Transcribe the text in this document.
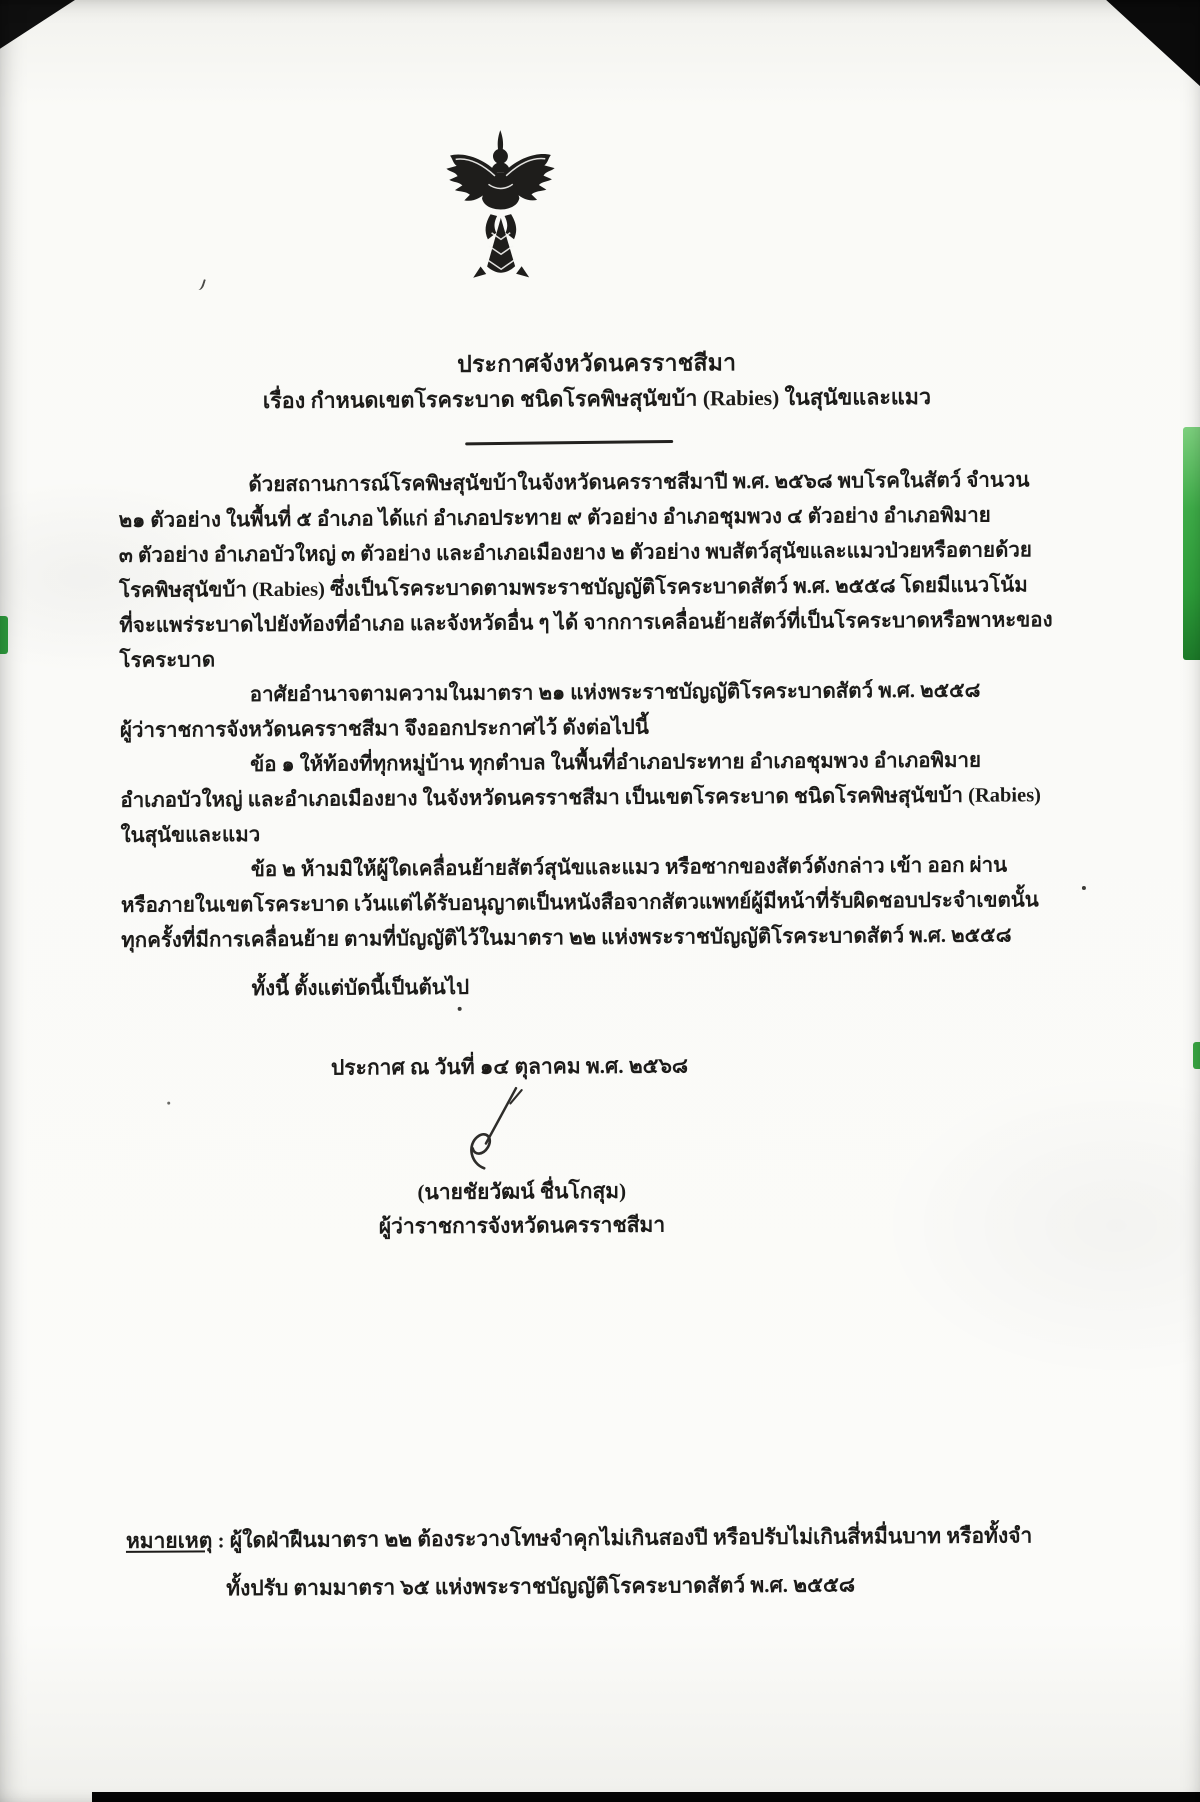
ประกาศจังหวัดนครราชสีมา
เรื่อง กำหนดเขตโรคระบาด ชนิดโรคพิษสุนัขบ้า (Rabies) ในสุนัขและแมว
ด้วยสถานการณ์โรคพิษสุนัขบ้าในจังหวัดนครราชสีมาปี พ.ศ. ๒๕๖๘ พบโรคในสัตว์ จำนวน
๒๑ ตัวอย่าง ในพื้นที่ ๕ อำเภอ ได้แก่ อำเภอประทาย ๙ ตัวอย่าง อำเภอชุมพวง ๔ ตัวอย่าง อำเภอพิมาย
๓ ตัวอย่าง อำเภอบัวใหญ่ ๓ ตัวอย่าง และอำเภอเมืองยาง ๒ ตัวอย่าง พบสัตว์สุนัขและแมวป่วยหรือตายด้วย
โรคพิษสุนัขบ้า (Rabies) ซึ่งเป็นโรคระบาดตามพระราชบัญญัติโรคระบาดสัตว์ พ.ศ. ๒๕๕๘ โดยมีแนวโน้ม
ที่จะแพร่ระบาดไปยังท้องที่อำเภอ และจังหวัดอื่น ๆ ได้ จากการเคลื่อนย้ายสัตว์ที่เป็นโรคระบาดหรือพาหะของ
โรคระบาด
อาศัยอำนาจตามความในมาตรา ๒๑ แห่งพระราชบัญญัติโรคระบาดสัตว์ พ.ศ. ๒๕๕๘
ผู้ว่าราชการจังหวัดนครราชสีมา จึงออกประกาศไว้ ดังต่อไปนี้
ข้อ ๑ ให้ท้องที่ทุกหมู่บ้าน ทุกตำบล ในพื้นที่อำเภอประทาย อำเภอชุมพวง อำเภอพิมาย
อำเภอบัวใหญ่ และอำเภอเมืองยาง ในจังหวัดนครราชสีมา เป็นเขตโรคระบาด ชนิดโรคพิษสุนัขบ้า (Rabies)
ในสุนัขและแมว
ข้อ ๒ ห้ามมิให้ผู้ใดเคลื่อนย้ายสัตว์สุนัขและแมว หรือซากของสัตว์ดังกล่าว เข้า ออก ผ่าน
หรือภายในเขตโรคระบาด เว้นแต่ได้รับอนุญาตเป็นหนังสือจากสัตวแพทย์ผู้มีหน้าที่รับผิดชอบประจำเขตนั้น
ทุกครั้งที่มีการเคลื่อนย้าย ตามที่บัญญัติไว้ในมาตรา ๒๒ แห่งพระราชบัญญัติโรคระบาดสัตว์ พ.ศ. ๒๕๕๘
ทั้งนี้ ตั้งแต่บัดนี้เป็นต้นไป
ประกาศ ณ วันที่ ๑๔ ตุลาคม พ.ศ. ๒๕๖๘
(นายชัยวัฒน์ ชื่นโกสุม)
ผู้ว่าราชการจังหวัดนครราชสีมา
หมายเหตุ : ผู้ใดฝ่าฝืนมาตรา ๒๒ ต้องระวางโทษจำคุกไม่เกินสองปี หรือปรับไม่เกินสี่หมื่นบาท หรือทั้งจำ
ทั้งปรับ ตามมาตรา ๖๕ แห่งพระราชบัญญัติโรคระบาดสัตว์ พ.ศ. ๒๕๕๘
